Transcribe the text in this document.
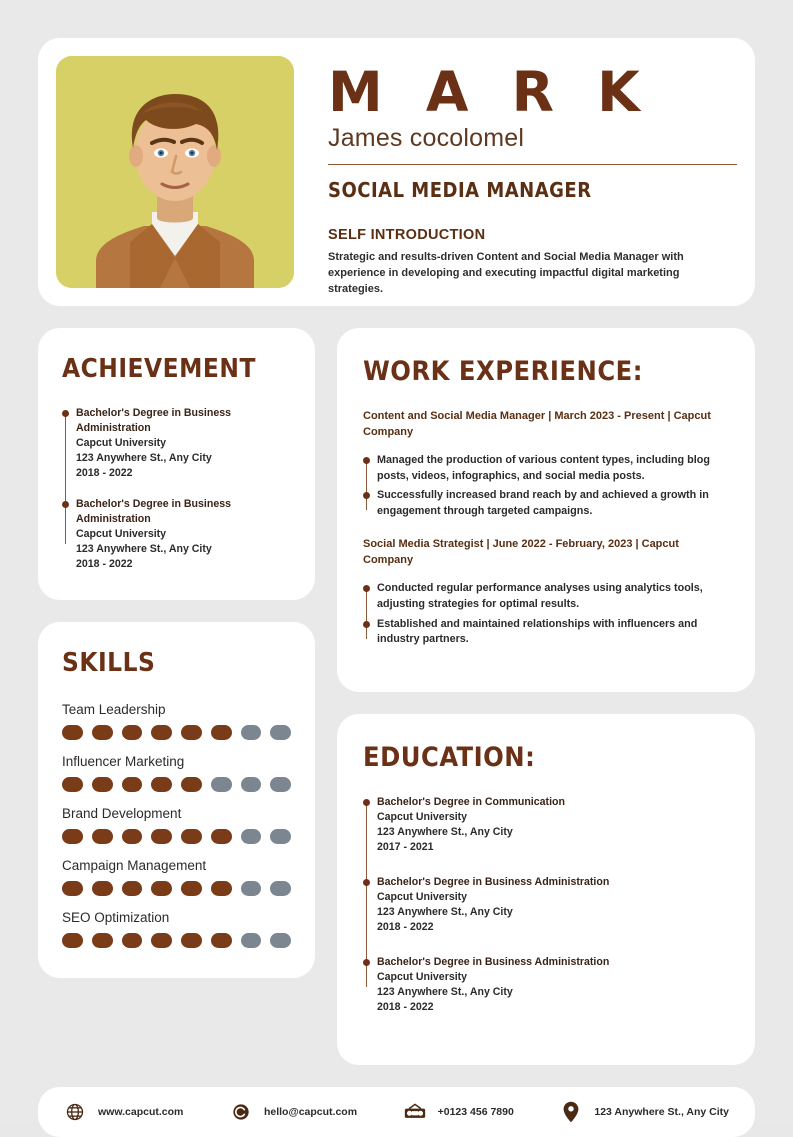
M A R K
James cocolomel
SOCIAL MEDIA MANAGER
SELF INTRODUCTION
Strategic and results-driven Content and Social Media Manager with experience in developing and executing impactful digital marketing strategies.
ACHIEVEMENT
Bachelor's Degree in Business Administration
Capcut University
123 Anywhere St., Any City
2018 - 2022
Bachelor's Degree in Business Administration
Capcut University
123 Anywhere St., Any City
2018 - 2022
SKILLS
Team Leadership
Influencer Marketing
Brand Development
Campaign Management
SEO Optimization
WORK EXPERIENCE:
Content and Social Media Manager | March 2023 - Present | Capcut Company
Managed the production of various content types, including blog posts, videos, infographics, and social media posts.
Successfully increased brand reach by and achieved a growth in engagement through targeted campaigns.
Social Media Strategist | June 2022 - February, 2023 | Capcut Company
Conducted regular performance analyses using analytics tools, adjusting strategies for optimal results.
Established and maintained relationships with influencers and industry partners.
EDUCATION:
Bachelor's Degree in Communication
Capcut University
123 Anywhere St., Any City
2017 - 2021
Bachelor's Degree in Business Administration
Capcut University
123 Anywhere St., Any City
2018 - 2022
Bachelor's Degree in Business Administration
Capcut University
123 Anywhere St., Any City
2018 - 2022
www.capcut.com	hello@capcut.com	+0123 456 7890	123 Anywhere St., Any City
